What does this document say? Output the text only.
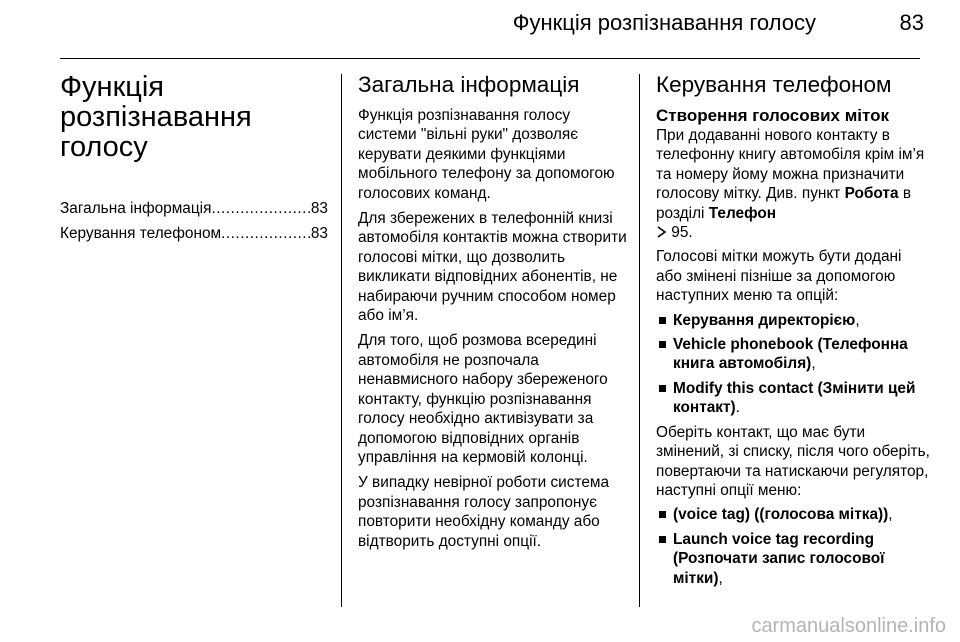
Функція розпізнавання голосу	83
Функція
розпізнавання
голосу
Загальна інформація .....	83
Керування телефоном .....	83
Загальна інформація

Функція розпізнавання голосу системи "вільні руки" дозволяє керувати деякими функціями мобільного телефону за допомогою голосових команд.

Для збережених в телефонній книзі автомобіля контактів можна створити голосові мітки, що дозволить викликати відповідних абонентів, не набираючи ручним способом номер або ім’я.

Для того, щоб розмова всередині автомобіля не розпочала ненавмисного набору збереженого контакту, функцію розпізнавання голосу необхідно активізувати за допомогою відповідних органів управління на кермовій колонці.

У випадку невірної роботи система розпізнавання голосу запропонує повторити необхідну команду або відтворить доступні опції.

Керування телефоном
Створення голосових міток

При додаванні нового контакту в телефонну книгу автомобіля крім ім’я та номеру йому можна призначити голосову мітку. Див. пункт Робота в розділі Телефон
95.

Голосові мітки можуть бути додані або змінені пізніше за допомогою наступних меню та опцій:

Керування директорією,
Vehicle phonebook (Телефонна книга автомобіля),
Modify this contact (Змінити цей контакт).

Оберіть контакт, що має бути змінений, зі списку, після чого оберіть, повертаючи та натискаючи регулятор, наступні опції меню:

(voice tag) ((голосова мітка)),
Launch voice tag recording (Розпочати запис голосової мітки),
carmanualsonline.info
